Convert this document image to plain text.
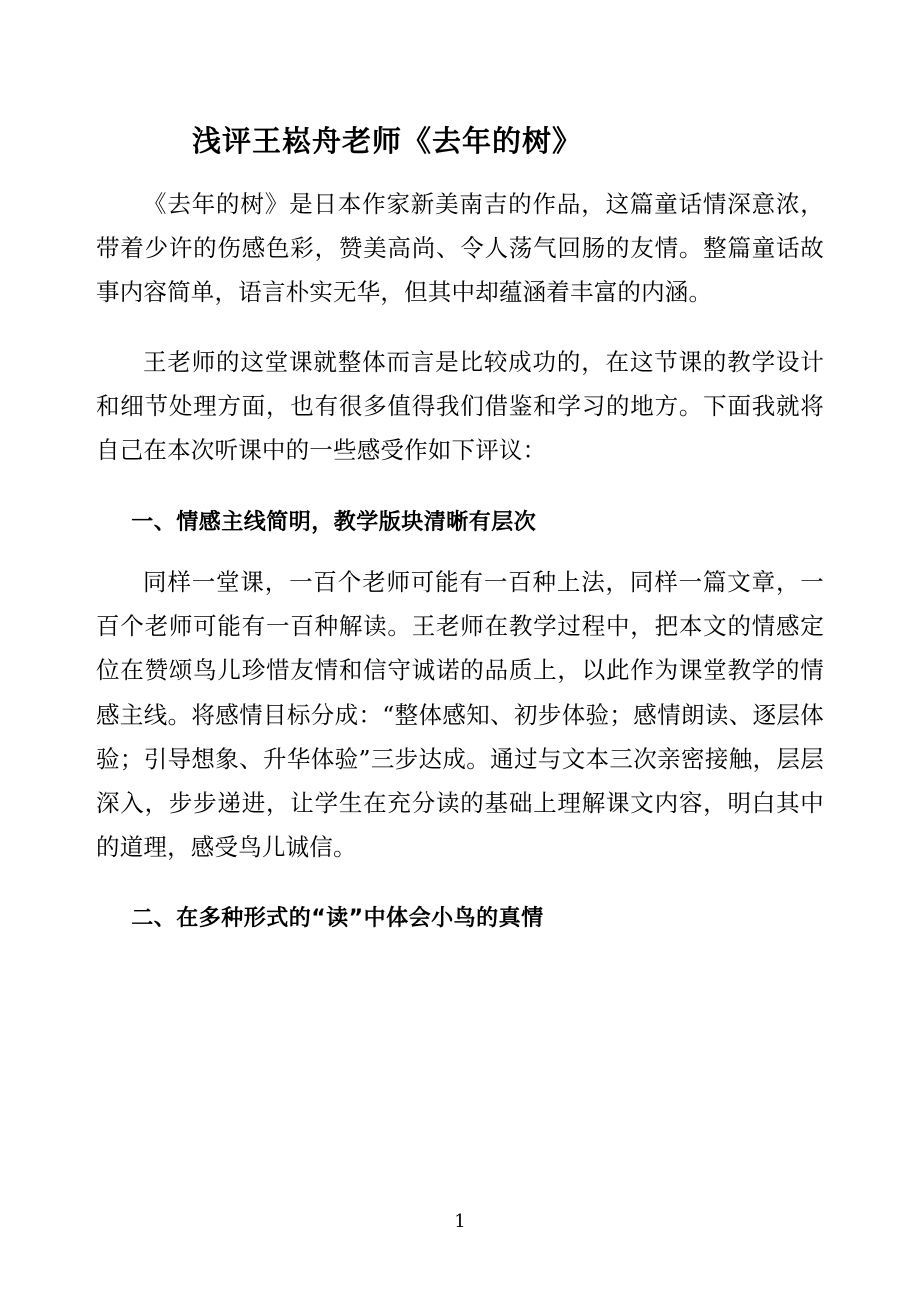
浅评王崧舟老师《去年的树》

《去年的树》是日本作家新美南吉的作品，这篇童话情深意浓，带着少许的伤感色彩，赞美高尚、令人荡气回肠的友情。整篇童话故事内容简单，语言朴实无华，但其中却蕴涵着丰富的内涵。

王老师的这堂课就整体而言是比较成功的，在这节课的教学设计和细节处理方面，也有很多值得我们借鉴和学习的地方。下面我就将自己在本次听课中的一些感受作如下评议：

一、情感主线简明，教学版块清晰有层次

同样一堂课，一百个老师可能有一百种上法，同样一篇文章，一百个老师可能有一百种解读。王老师在教学过程中，把本文的情感定位在赞颂鸟儿珍惜友情和信守诚诺的品质上，以此作为课堂教学的情感主线。将感情目标分成：“整体感知、初步体验；感情朗读、逐层体验；引导想象、升华体验”三步达成。通过与文本三次亲密接触，层层深入，步步递进，让学生在充分读的基础上理解课文内容，明白其中的道理，感受鸟儿诚信。

二、在多种形式的“读”中体会小鸟的真情
1
